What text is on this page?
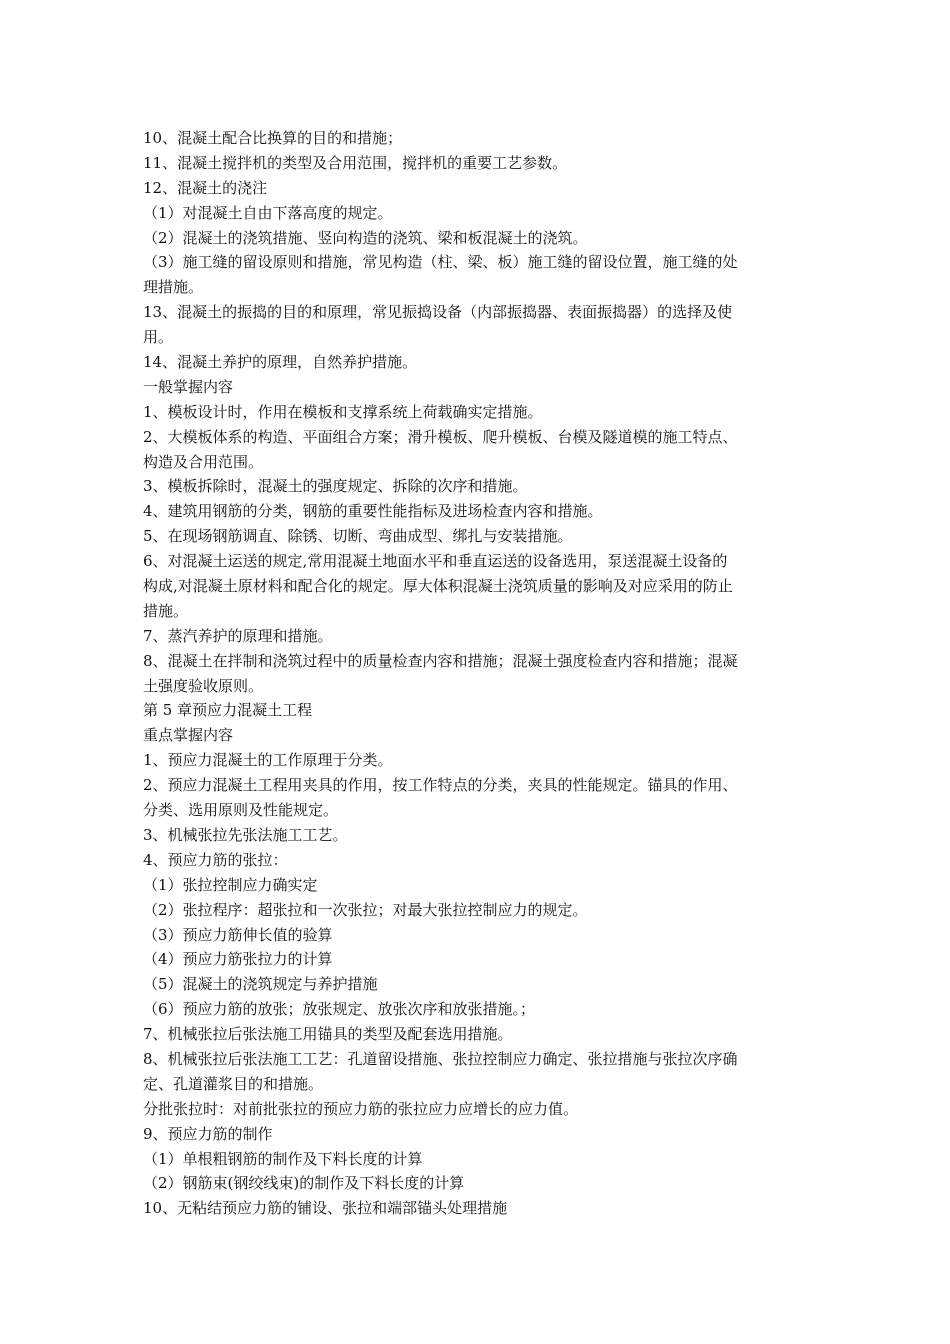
10、混凝土配合比换算的目的和措施；
11、混凝土搅拌机的类型及合用范围，搅拌机的重要工艺参数。
12、混凝土的浇注
（1）对混凝土自由下落高度的规定。
（2）混凝土的浇筑措施、竖向构造的浇筑、梁和板混凝土的浇筑。
（3）施工缝的留设原则和措施，常见构造（柱、梁、板）施工缝的留设位置，施工缝的处
理措施。
13、混凝土的振捣的目的和原理，常见振捣设备（内部振捣器、表面振捣器）的选择及使
用。
14、混凝土养护的原理，自然养护措施。
一般掌握内容
1、模板设计时，作用在模板和支撑系统上荷载确实定措施。
2、大模板体系的构造、平面组合方案；滑升模板、爬升模板、台模及隧道模的施工特点、
构造及合用范围。
3、模板拆除时，混凝土的强度规定、拆除的次序和措施。
4、建筑用钢筋的分类，钢筋的重要性能指标及进场检查内容和措施。
5、在现场钢筋调直、除锈、切断、弯曲成型、绑扎与安装措施。
6、对混凝土运送的规定,常用混凝土地面水平和垂直运送的设备选用，泵送混凝土设备的
构成,对混凝土原材料和配合化的规定。厚大体积混凝土浇筑质量的影响及对应采用的防止
措施。
7、蒸汽养护的原理和措施。
8、混凝土在拌制和浇筑过程中的质量检查内容和措施；混凝土强度检查内容和措施；混凝
土强度验收原则。
第 5 章预应力混凝土工程
重点掌握内容
1、预应力混凝土的工作原理于分类。
2、预应力混凝土工程用夹具的作用，按工作特点的分类，夹具的性能规定。锚具的作用、
分类、选用原则及性能规定。
3、机械张拉先张法施工工艺。
4、预应力筋的张拉：
（1）张拉控制应力确实定
（2）张拉程序：超张拉和一次张拉；对最大张拉控制应力的规定。
（3）预应力筋伸长值的验算
（4）预应力筋张拉力的计算
（5）混凝土的浇筑规定与养护措施
（6）预应力筋的放张；放张规定、放张次序和放张措施。；
7、机械张拉后张法施工用锚具的类型及配套选用措施。
8、机械张拉后张法施工工艺：孔道留设措施、张拉控制应力确定、张拉措施与张拉次序确
定、孔道灌浆目的和措施。
分批张拉时：对前批张拉的预应力筋的张拉应力应增长的应力值。
9、预应力筋的制作
（1）单根粗钢筋的制作及下料长度的计算
（2）钢筋束(钢绞线束)的制作及下料长度的计算
10、无粘结预应力筋的铺设、张拉和端部锚头处理措施
